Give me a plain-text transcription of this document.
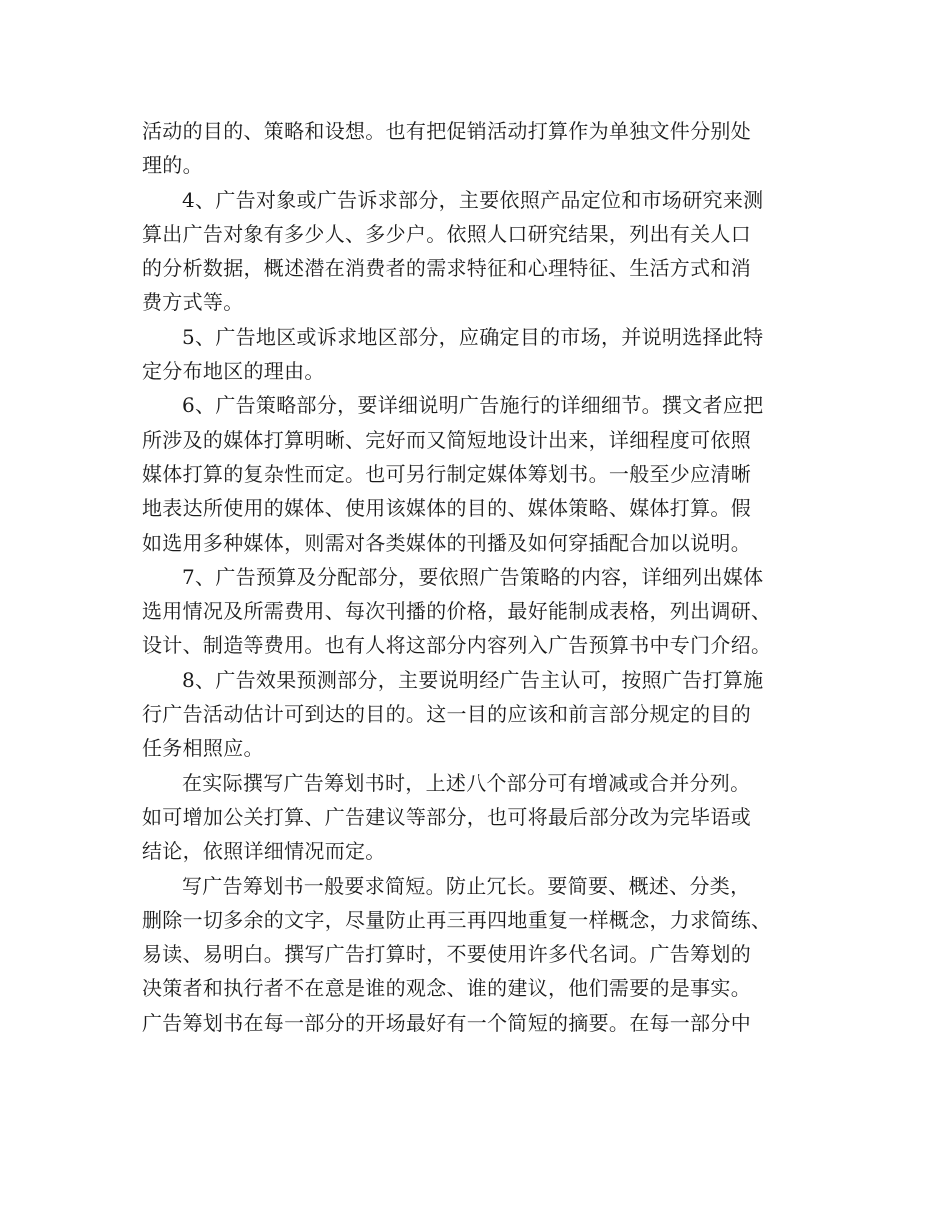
活动的目的、策略和设想。也有把促销活动打算作为单独文件分别处
理的。
4、广告对象或广告诉求部分，主要依照产品定位和市场研究来测
算出广告对象有多少人、多少户。依照人口研究结果，列出有关人口
的分析数据，概述潜在消费者的需求特征和心理特征、生活方式和消
费方式等。
5、广告地区或诉求地区部分，应确定目的市场，并说明选择此特
定分布地区的理由。
6、广告策略部分，要详细说明广告施行的详细细节。撰文者应把
所涉及的媒体打算明晰、完好而又简短地设计出来，详细程度可依照
媒体打算的复杂性而定。也可另行制定媒体筹划书。一般至少应清晰
地表达所使用的媒体、使用该媒体的目的、媒体策略、媒体打算。假
如选用多种媒体，则需对各类媒体的刊播及如何穿插配合加以说明。
7、广告预算及分配部分，要依照广告策略的内容，详细列出媒体
选用情况及所需费用、每次刊播的价格，最好能制成表格，列出调研、
设计、制造等费用。也有人将这部分内容列入广告预算书中专门介绍。
8、广告效果预测部分，主要说明经广告主认可，按照广告打算施
行广告活动估计可到达的目的。这一目的应该和前言部分规定的目的
任务相照应。
在实际撰写广告筹划书时，上述八个部分可有增减或合并分列。
如可增加公关打算、广告建议等部分，也可将最后部分改为完毕语或
结论，依照详细情况而定。
写广告筹划书一般要求简短。防止冗长。要简要、概述、分类，
删除一切多余的文字，尽量防止再三再四地重复一样概念，力求简练、
易读、易明白。撰写广告打算时，不要使用许多代名词。广告筹划的
决策者和执行者不在意是谁的观念、谁的建议，他们需要的是事实。
广告筹划书在每一部分的开场最好有一个简短的摘要。在每一部分中
